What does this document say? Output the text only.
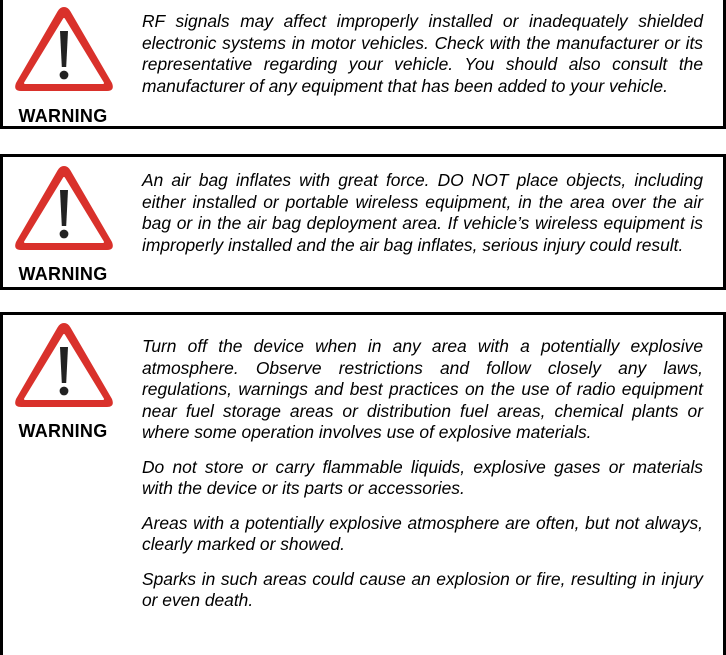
WARNING

RF signals may affect improperly installed or inadequately shielded electronic systems in motor vehicles. Check with the manufacturer or its representative regarding your vehicle. You should also consult the manufacturer of any equipment that has been added to your vehicle.

WARNING

An air bag inflates with great force. DO NOT place objects, including either installed or portable wireless equipment, in the area over the air bag or in the air bag deployment area. If vehicle’s wireless equipment is improperly installed and the air bag inflates, serious injury could result.

WARNING

Turn off the device when in any area with a potentially explosive atmosphere. Observe restrictions and follow closely any laws, regulations, warnings and best practices on the use of radio equipment near fuel storage areas or distribution fuel areas, chemical plants or where some operation involves use of explosive materials.

Do not store or carry flammable liquids, explosive gases or materials with the device or its parts or accessories.

Areas with a potentially explosive atmosphere are often, but not always, clearly marked or showed.

Sparks in such areas could cause an explosion or fire, resulting in injury or even death.
